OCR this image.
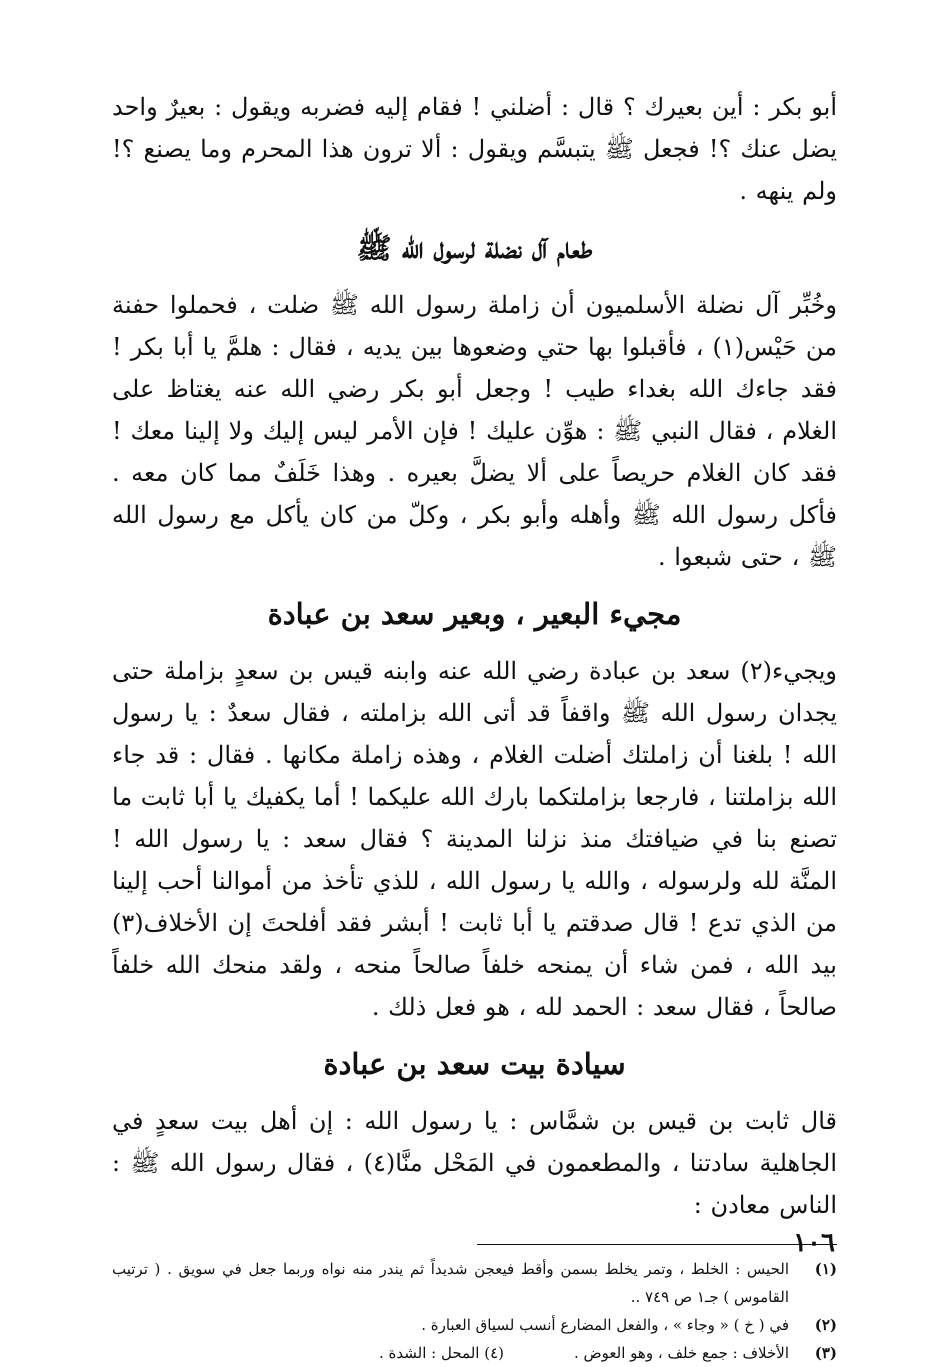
أبو بكر : أين بعيرك ؟ قال : أضلني ! فقام إليه فضربه ويقول : بعيرٌ واحد يضل عنك ؟! فجعل ﷺ يتبسَّم ويقول : ألا ترون هذا المحرم وما يصنع ؟! ولم ينهه .

طعام آل نضلة لرسول الله ﷺ

وخُبِّر آل نضلة الأسلميون أن زاملة رسول الله ﷺ ضلت ، فحملوا حفنة من حَيْس(١) ، فأقبلوا بها حتي وضعوها بين يديه ، فقال : هلمَّ يا أبا بكر ! فقد جاءك الله بغداء طيب ! وجعل أبو بكر رضي الله عنه يغتاظ على الغلام ، فقال النبي ﷺ : هوِّن عليك ! فإن الأمر ليس إليك ولا إلينا معك ! فقد كان الغلام حريصاً على ألا يضلَّ بعيره . وهذا خَلَفٌ مما كان معه . فأكل رسول الله ﷺ وأهله وأبو بكر ، وكلّ من كان يأكل مع رسول الله ﷺ ، حتى شبعوا .

مجيء البعير ، وبعير سعد بن عبادة

ويجيء(٢) سعد بن عبادة رضي الله عنه وابنه قيس بن سعدٍ بزاملة حتى يجدان رسول الله ﷺ واقفاً قد أتى الله بزاملته ، فقال سعدٌ : يا رسول الله ! بلغنا أن زاملتك أضلت الغلام ، وهذه زاملة مكانها . فقال : قد جاء الله بزاملتنا ، فارجعا بزاملتكما بارك الله عليكما ! أما يكفيك يا أبا ثابت ما تصنع بنا في ضيافتك منذ نزلنا المدينة ؟ فقال سعد : يا رسول الله ! المنَّة لله ولرسوله ، والله يا رسول الله ، للذي تأخذ من أموالنا أحب إلينا من الذي تدع ! قال صدقتم يا أبا ثابت ! أبشر فقد أفلحتَ إن الأخلاف(٣) بيد الله ، فمن شاء أن يمنحه خلفاً صالحاً منحه ، ولقد منحك الله خلفاً صالحاً ، فقال سعد : الحمد لله ، هو فعل ذلك .

سيادة بيت سعد بن عبادة

قال ثابت بن قيس بن شمَّاس : يا رسول الله : إن أهل بيت سعدٍ في الجاهلية سادتنا ، والمطعمون في المَحْل منَّا(٤) ، فقال رسول الله ﷺ : الناس معادن :

(١)
الحيس : الخلط ، وتمر يخلط بسمن وأقط فيعجن شديداً ثم يندر منه نواه وربما جعل في سويق . ( ترتيب القاموس ) جـ١ ص ٧٤٩ ..
(٢)
في ( خ ) « وجاء » ، والفعل المضارع أنسب لسياق العبارة .
(٣)
الأخلاف : جمع خلف ، وهو العوض .
(٤) المحل : الشدة .
١٠٦
